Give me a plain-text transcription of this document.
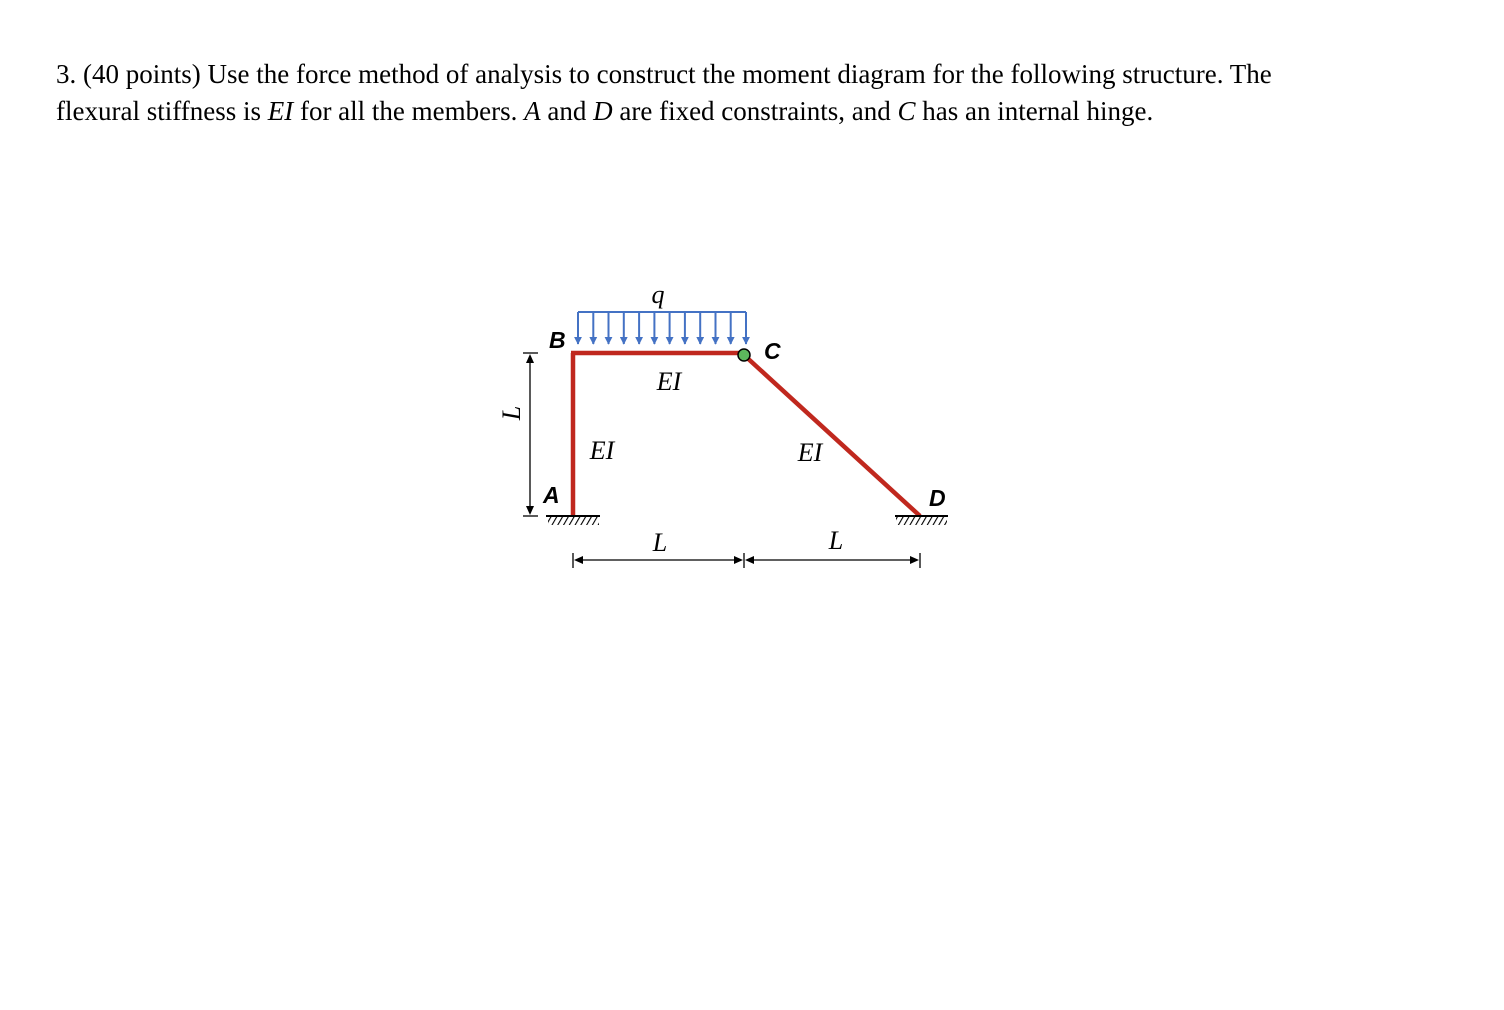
3. (40 points) Use the force method of analysis to construct the moment diagram for the following structure. The

flexural stiffness is EI for all the members. A and D are fixed constraints, and C has an internal hinge.

q
B	C
A	D
EI
EI	EI
L
L	L
